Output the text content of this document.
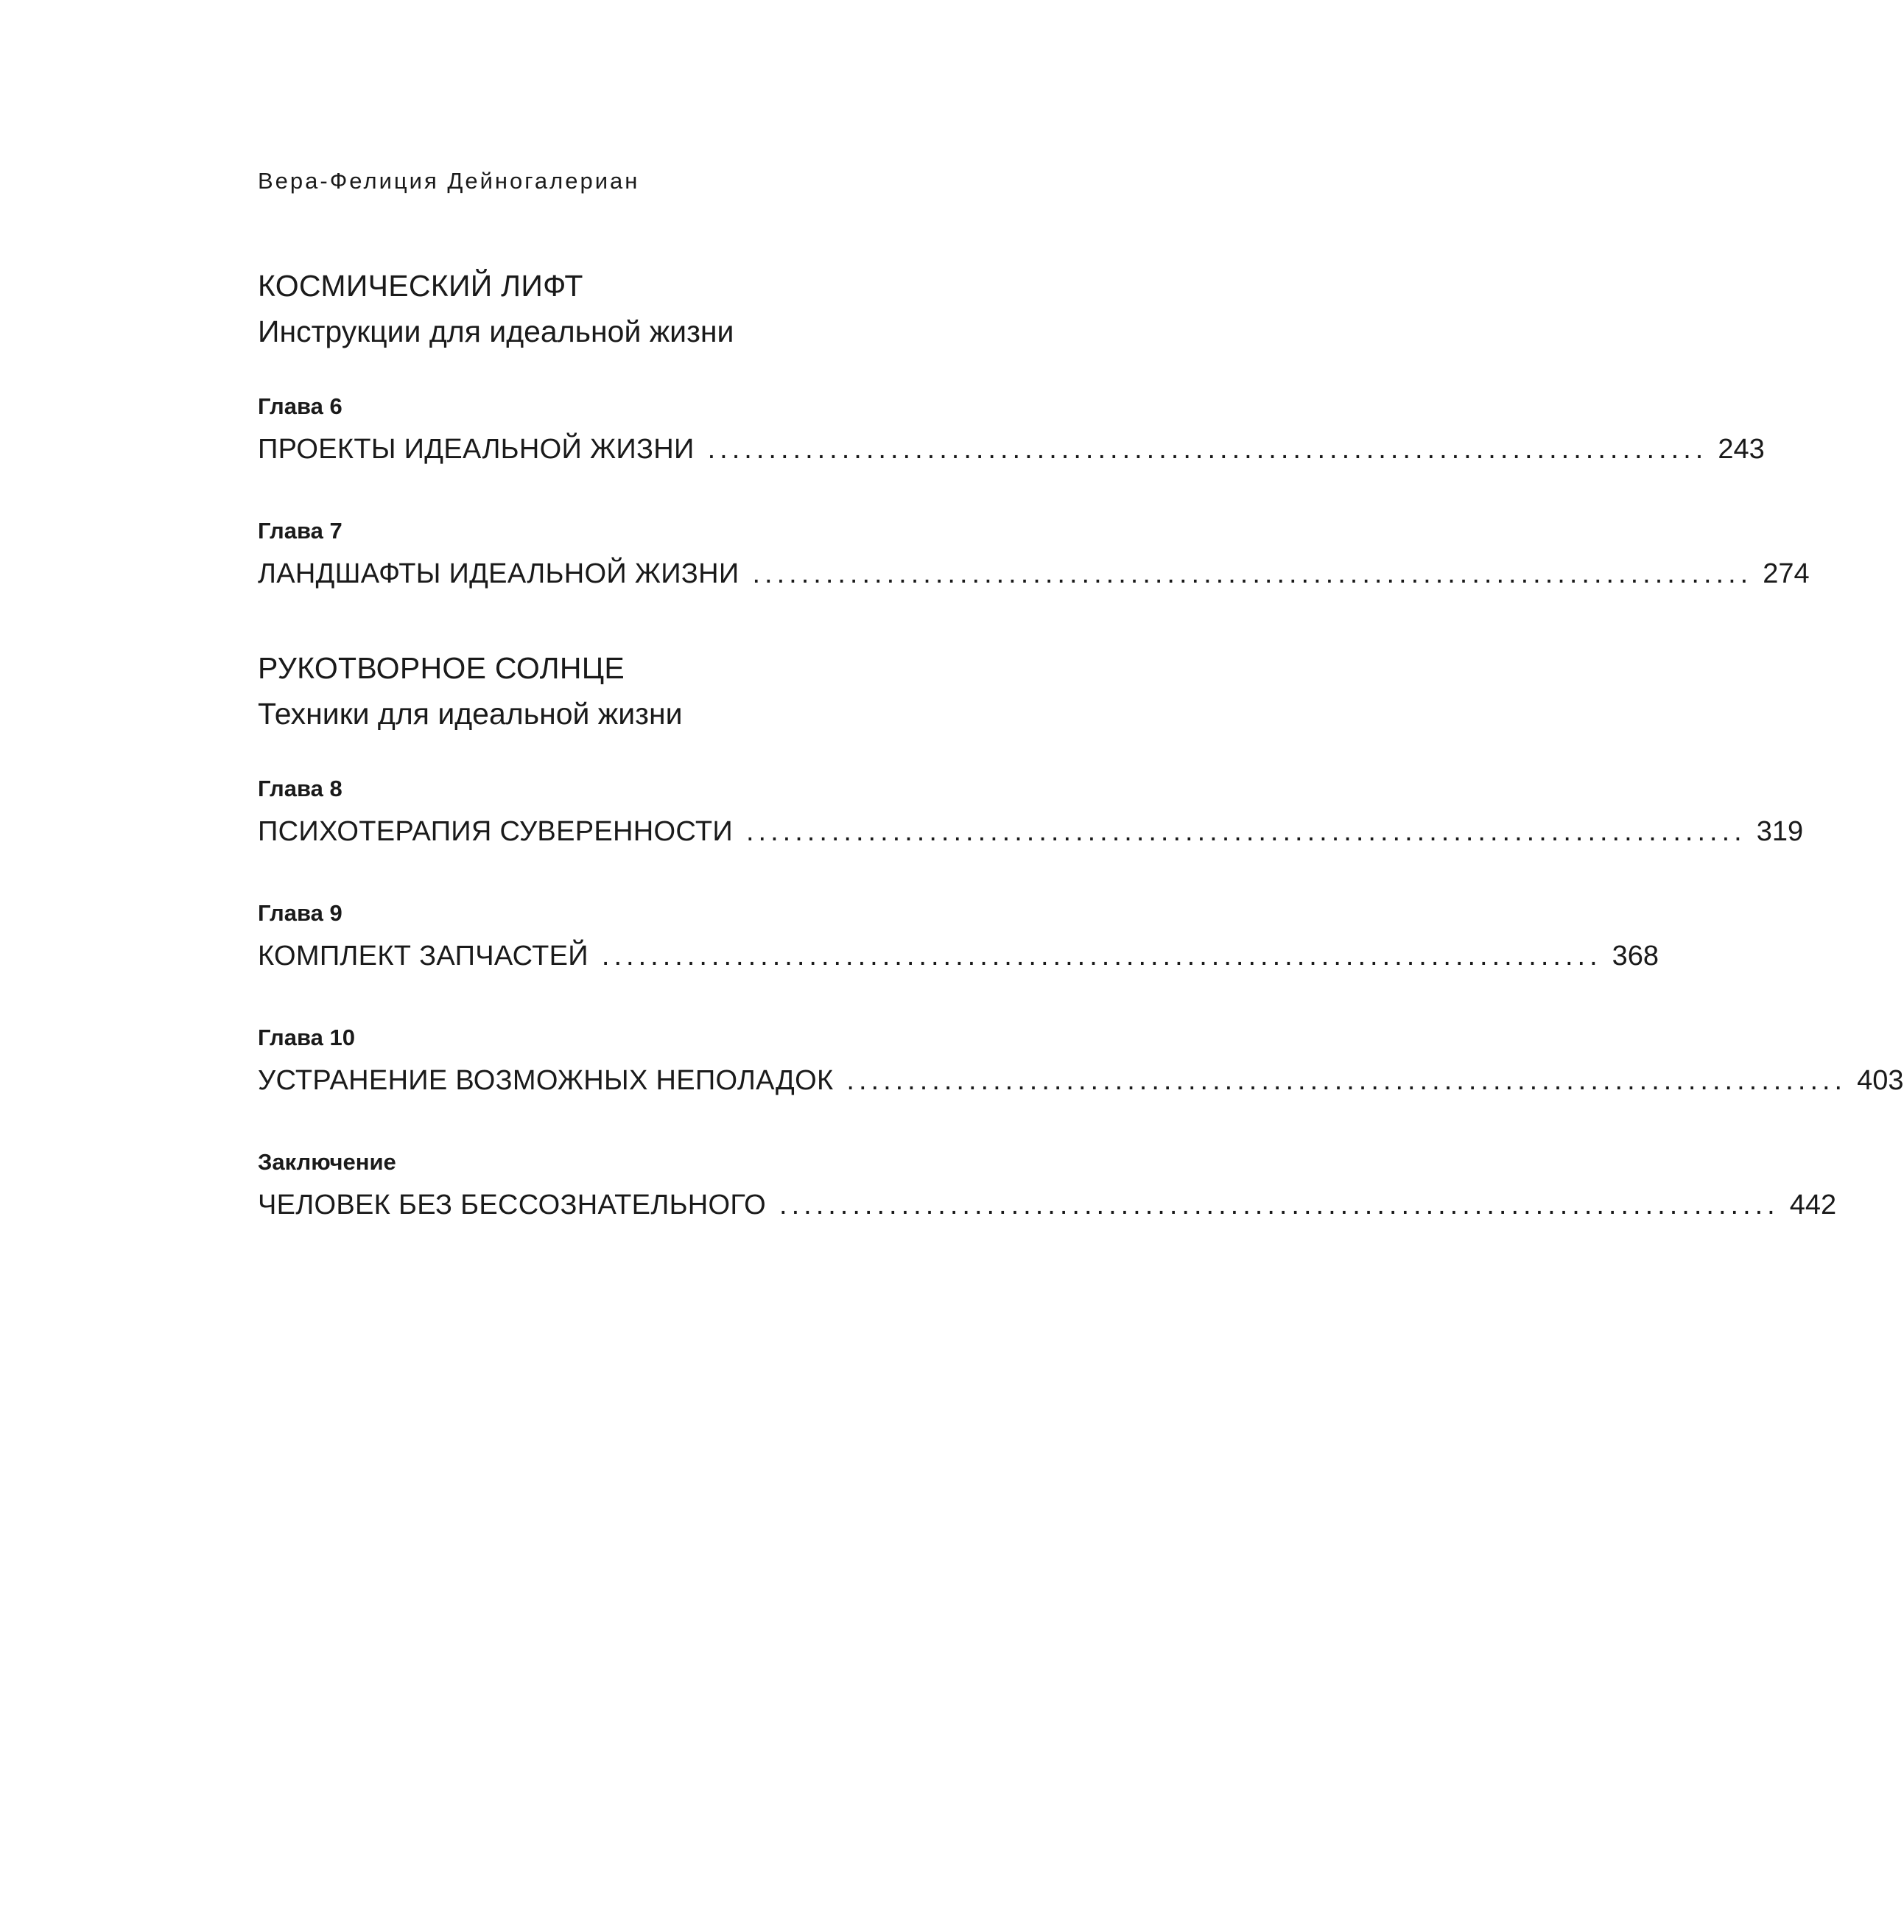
Вера-Фелиция Дейногалериан
КОСМИЧЕСКИЙ ЛИФТ
Инструкции для идеальной жизни
Глава 6
ПРОЕКТЫ ИДЕАЛЬНОЙ ЖИЗНИ .................................................................................. 243
Глава 7
ЛАНДШАФТЫ ИДЕАЛЬНОЙ ЖИЗНИ .................................................................................. 274
РУКОТВОРНОЕ СОЛНЦЕ
Техники для идеальной жизни
Глава 8
ПСИХОТЕРАПИЯ СУВЕРЕННОСТИ .................................................................................. 319
Глава 9
КОМПЛЕКТ ЗАПЧАСТЕЙ .................................................................................. 368
Глава 10
УСТРАНЕНИЕ ВОЗМОЖНЫХ НЕПОЛАДОК .................................................................................. 403
Заключение
ЧЕЛОВЕК БЕЗ БЕССОЗНАТЕЛЬНОГО .................................................................................. 442
